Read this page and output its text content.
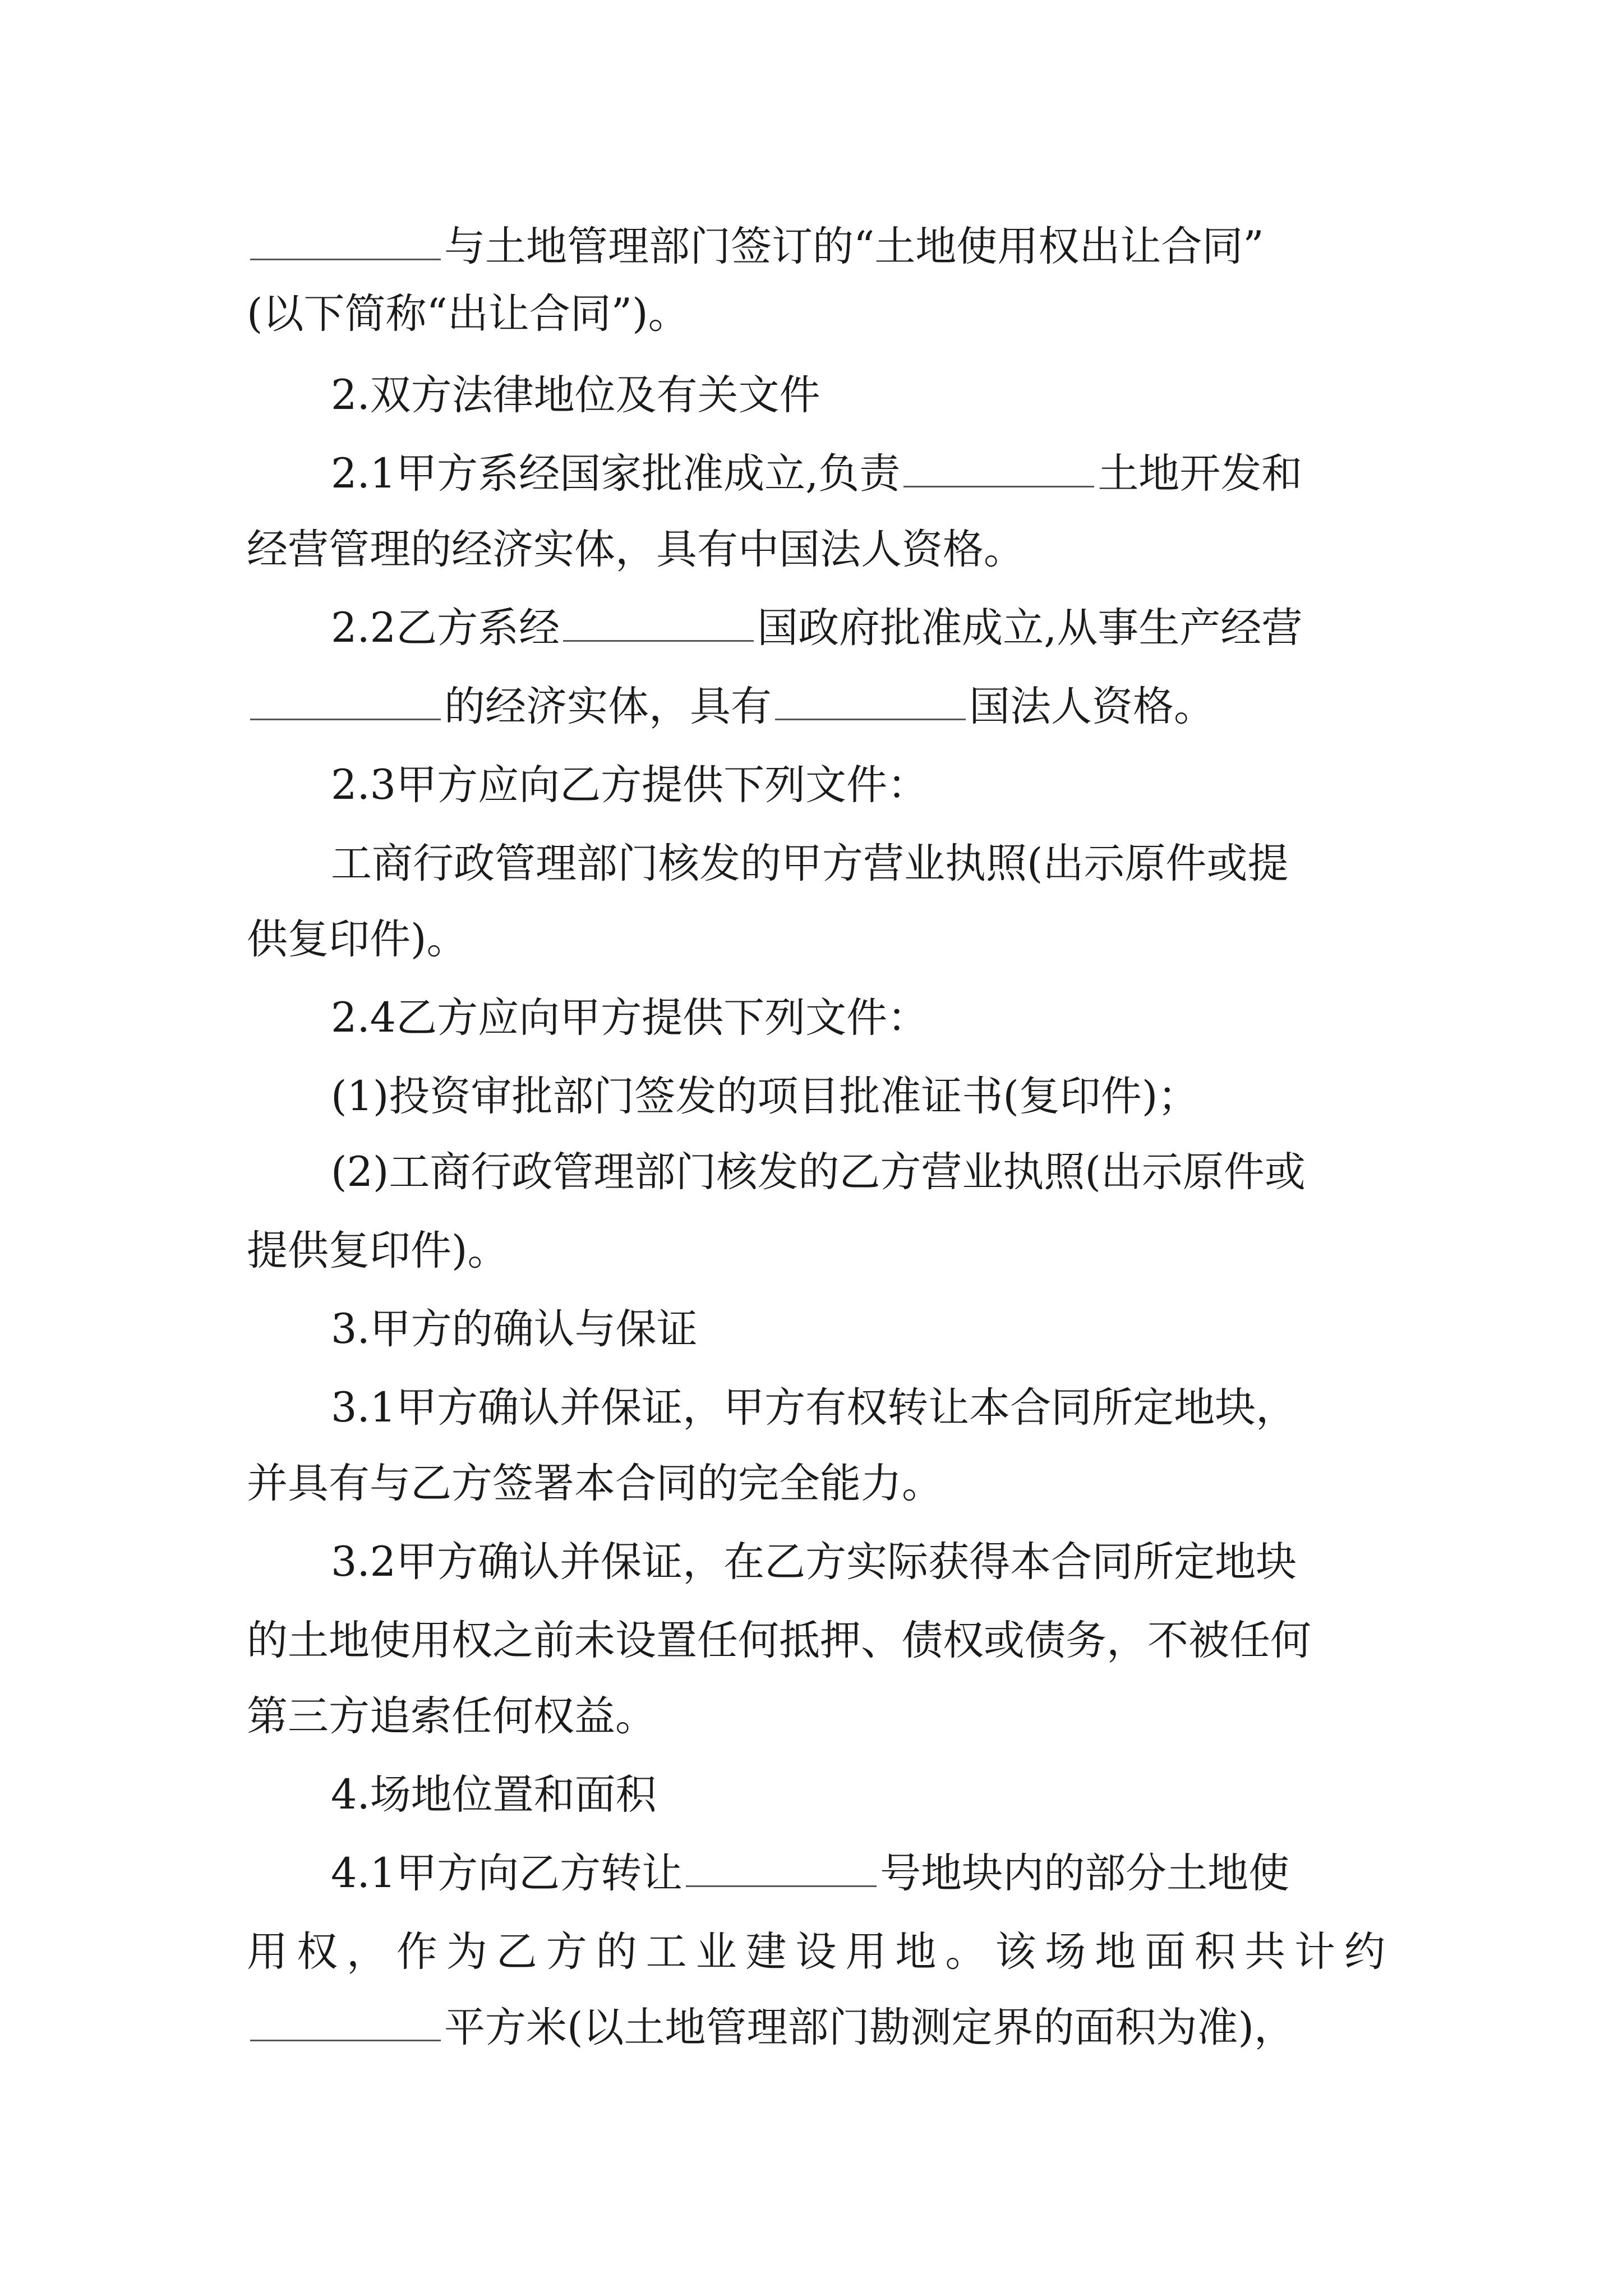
与土地管理部门签订的“土地使用权出让合同”
(以下简称“出让合同”)。
2.双方法律地位及有关文件
2.1甲方系经国家批准成立,负责	土地开发和
经营管理的经济实体，具有中国法人资格。
2.2乙方系经	国政府批准成立,从事生产经营
的经济实体，具有	国法人资格。
2.3甲方应向乙方提供下列文件：
工商行政管理部门核发的甲方营业执照(出示原件或提
供复印件)。
2.4乙方应向甲方提供下列文件：
(1)投资审批部门签发的项目批准证书(复印件)；
(2)工商行政管理部门核发的乙方营业执照(出示原件或
提供复印件)。
3.甲方的确认与保证
3.1甲方确认并保证，甲方有权转让本合同所定地块，
并具有与乙方签署本合同的完全能力。
3.2甲方确认并保证，在乙方实际获得本合同所定地块
的土地使用权之前未设置任何抵押、债权或债务，不被任何
第三方追索任何权益。
4.场地位置和面积
4.1甲方向乙方转让	号地块内的部分土地使
用权，作为乙方的工业建设用地。该场地面积共计约
平方米(以土地管理部门勘测定界的面积为准)，
